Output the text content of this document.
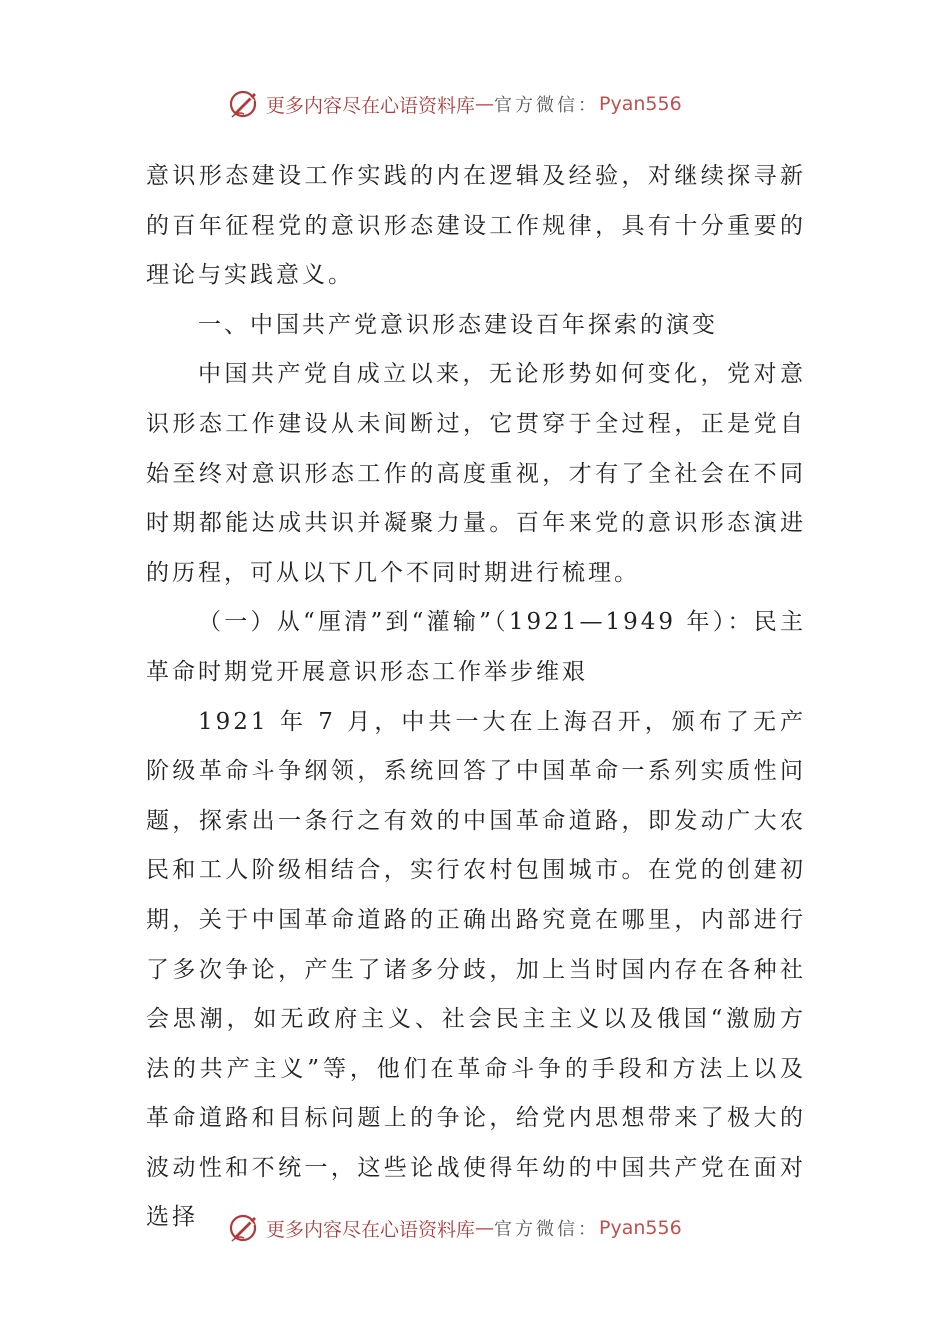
更多内容尽在心语资料库 — 官方微信： Pyan556

意识形态建设工作实践的内在逻辑及经验，对继续探寻新的百年征程党的意识形态建设工作规律，具有十分重要的理论与实践意义。

一、中国共产党意识形态建设百年探索的演变

中国共产党自成立以来，无论形势如何变化，党对意识形态工作建设从未间断过，它贯穿于全过程，正是党自始至终对意识形态工作的高度重视，才有了全社会在不同时期都能达成共识并凝聚力量。百年来党的意识形态演进的历程，可从以下几个不同时期进行梳理。

（一）从“厘清”到“灌输”（1921—1949 年）：民主革命时期党开展意识形态工作举步维艰

1921 年 7 月，中共一大在上海召开，颁布了无产阶级革命斗争纲领，系统回答了中国革命一系列实质性问题，探索出一条行之有效的中国革命道路，即发动广大农民和工人阶级相结合，实行农村包围城市。在党的创建初期，关于中国革命道路的正确出路究竟在哪里，内部进行了多次争论，产生了诸多分歧，加上当时国内存在各种社会思潮，如无政府主义、社会民主主义以及俄国“激励方法的共产主义”等，他们在革命斗争的手段和方法上以及革命道路和目标问题上的争论，给党内思想带来了极大的波动性和不统一，这些论战使得年幼的中国共产党在面对选择	更多内容尽在心语资料库 — 官方微信： Pyan556
